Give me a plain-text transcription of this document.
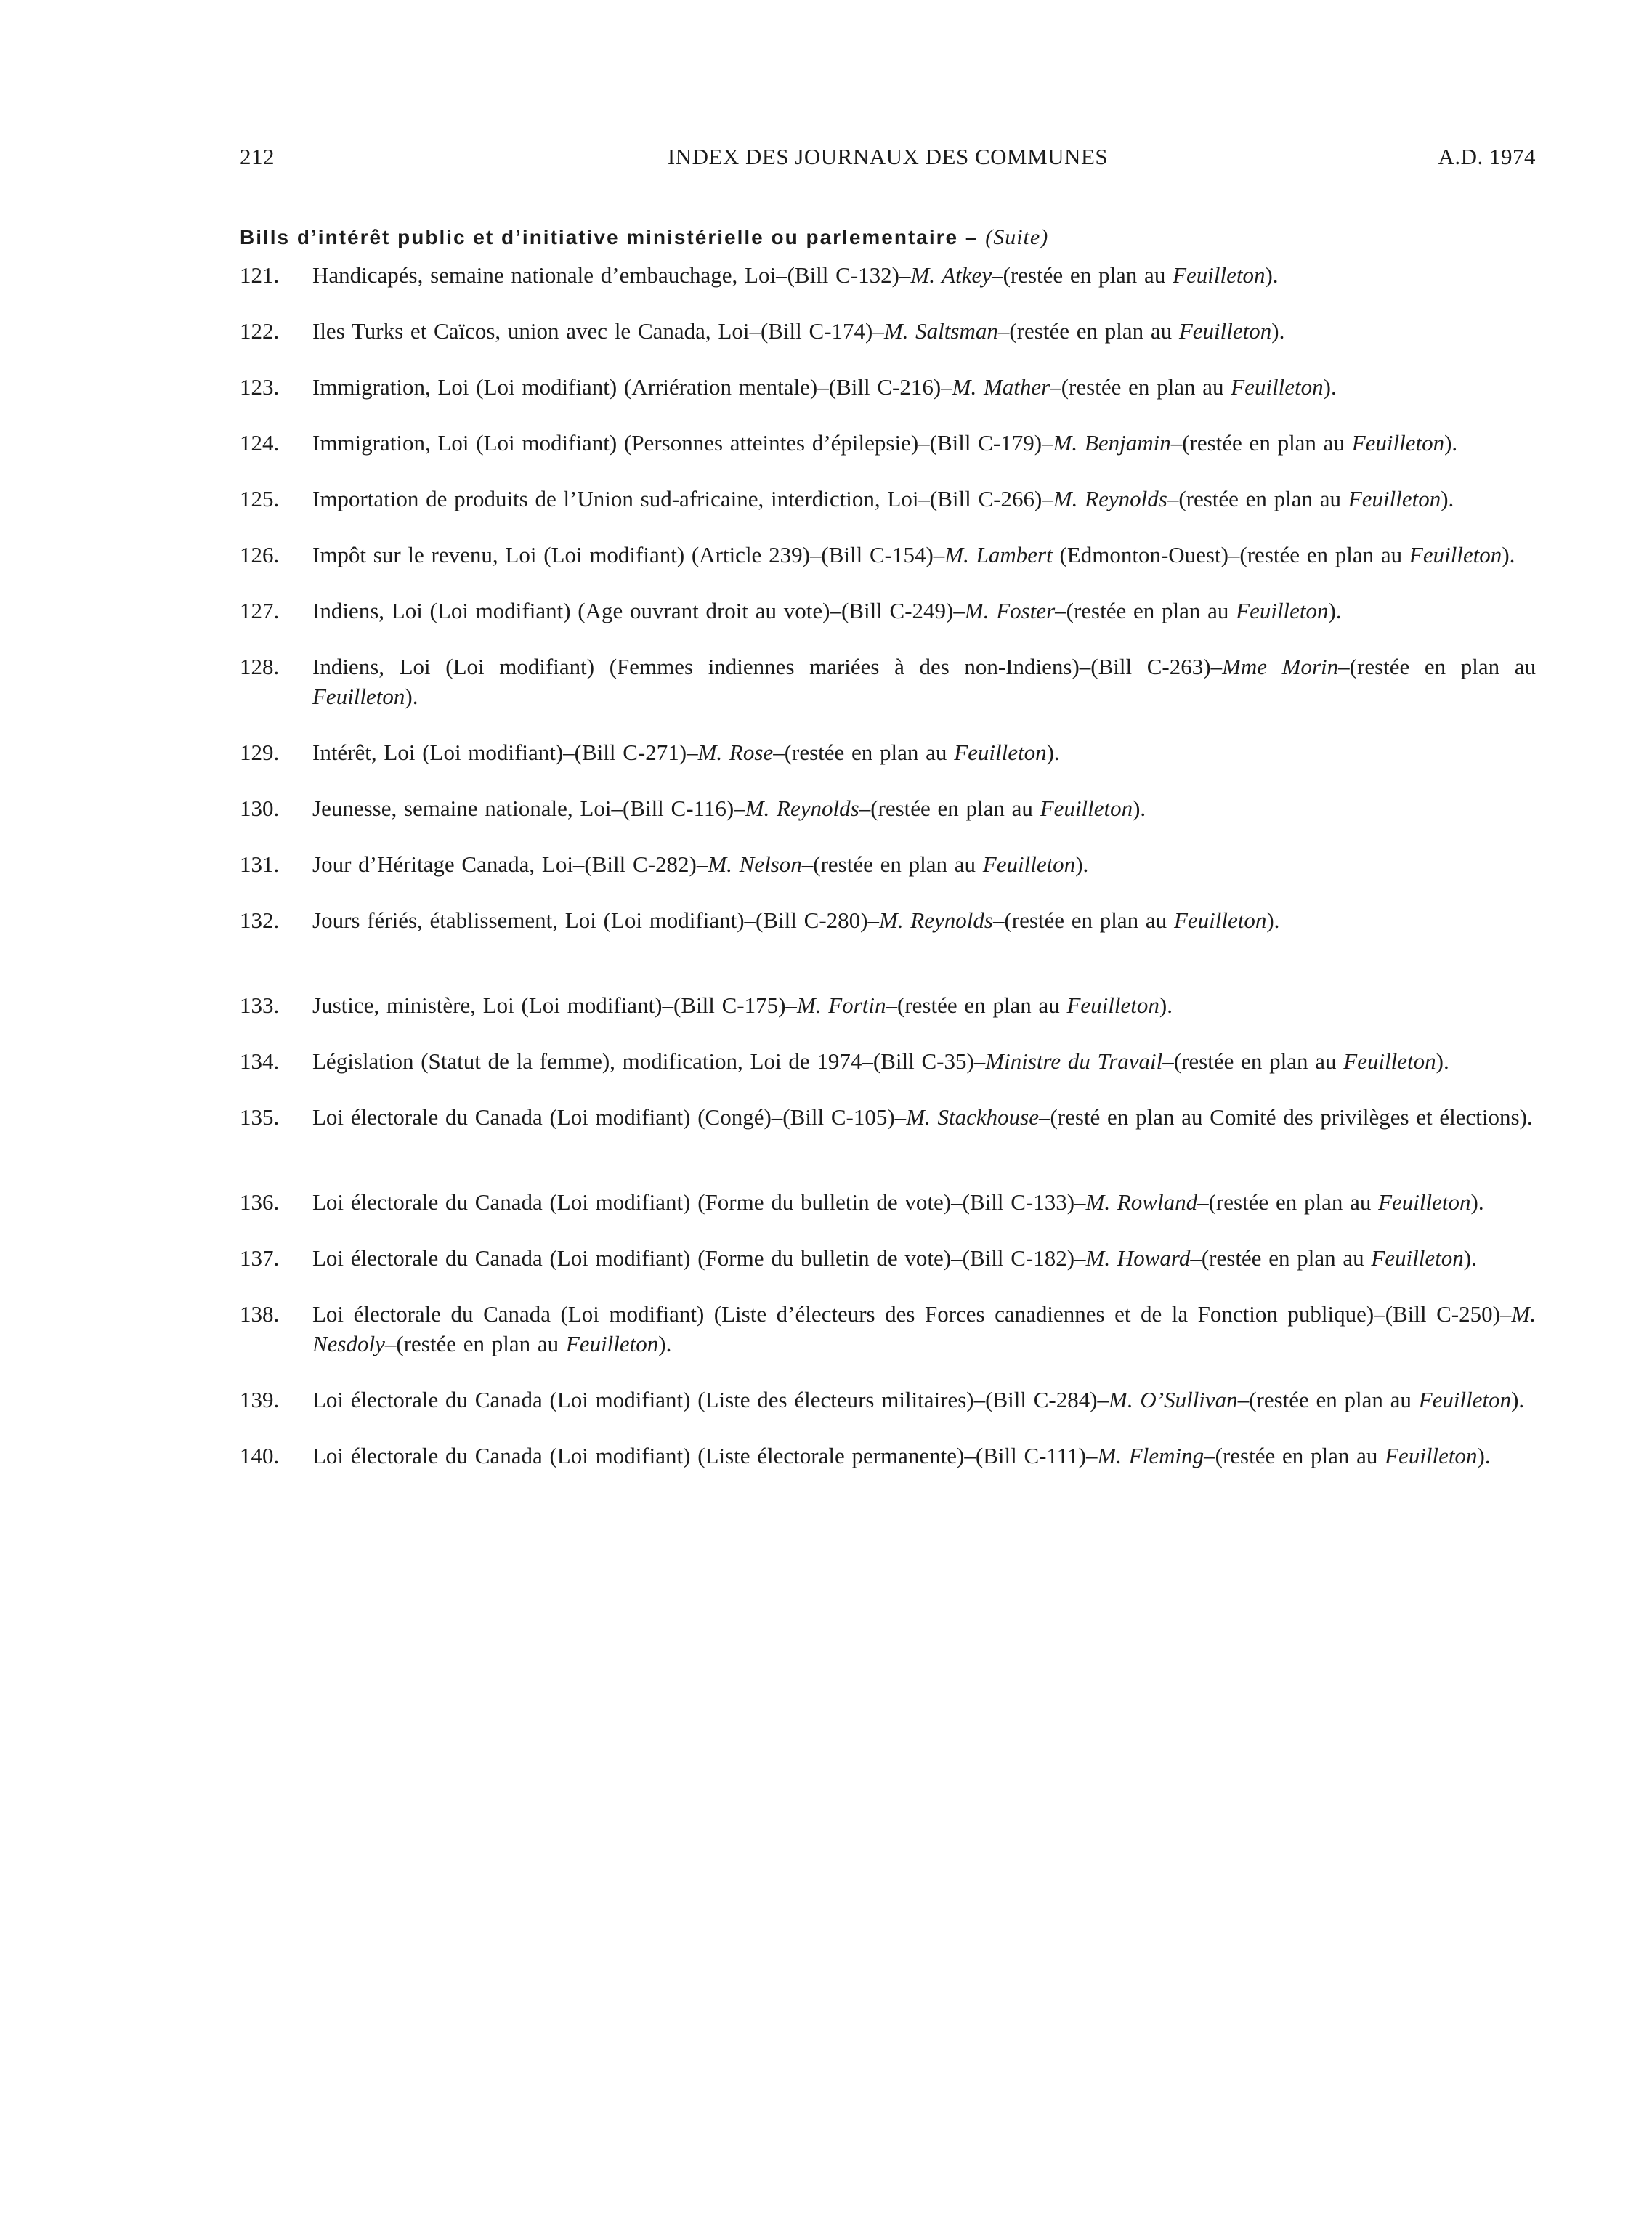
212	INDEX DES JOURNAUX DES COMMUNES	A.D. 1974
Bills d’intérêt public et d’initiative ministérielle ou parlementaire – (Suite)
121.	Handicapés, semaine nationale d’embauchage, Loi–(Bill C-132)–M. Atkey–(restée en plan au Feuilleton).
122.	Iles Turks et Caïcos, union avec le Canada, Loi–(Bill C-174)–M. Saltsman–(restée en plan au Feuilleton).
123.	Immigration, Loi (Loi modifiant) (Arriération mentale)–(Bill C-216)–M. Mather–(restée en plan au Feuilleton).
124.	Immigration, Loi (Loi modifiant) (Personnes atteintes d’épilepsie)–(Bill C-179)–M. Benjamin–(restée en plan au Feuilleton).
125.	Importation de produits de l’Union sud-africaine, interdiction, Loi–(Bill C-266)–M. Reynolds–(restée en plan au Feuilleton).
126.	Impôt sur le revenu, Loi (Loi modifiant) (Article 239)–(Bill C-154)–M. Lambert (Edmonton-Ouest)–(restée en plan au Feuilleton).
127.	Indiens, Loi (Loi modifiant) (Age ouvrant droit au vote)–(Bill C-249)–M. Foster–(restée en plan au Feuilleton).
128.	Indiens, Loi (Loi modifiant) (Femmes indiennes mariées à des non-Indiens)–(Bill C-263)–Mme Morin–(restée en plan au Feuilleton).
129.	Intérêt, Loi (Loi modifiant)–(Bill C-271)–M. Rose–(restée en plan au Feuilleton).
130.	Jeunesse, semaine nationale, Loi–(Bill C-116)–M. Reynolds–(restée en plan au Feuilleton).
131.	Jour d’Héritage Canada, Loi–(Bill C-282)–M. Nelson–(restée en plan au Feuilleton).
132.	Jours fériés, établissement, Loi (Loi modifiant)–(Bill C-280)–M. Reynolds–(restée en plan au Feuilleton).
133.	Justice, ministère, Loi (Loi modifiant)–(Bill C-175)–M. Fortin–(restée en plan au Feuilleton).
134.	Législation (Statut de la femme), modification, Loi de 1974–(Bill C-35)–Ministre du Travail–(restée en plan au Feuilleton).
135.	Loi électorale du Canada (Loi modifiant) (Congé)–(Bill C-105)–M. Stackhouse–(resté en plan au Comité des privilèges et élections).
136.	Loi électorale du Canada (Loi modifiant) (Forme du bulletin de vote)–(Bill C-133)–M. Rowland–(restée en plan au Feuilleton).
137.	Loi électorale du Canada (Loi modifiant) (Forme du bulletin de vote)–(Bill C-182)–M. Howard–(restée en plan au Feuilleton).
138.	Loi électorale du Canada (Loi modifiant) (Liste d’électeurs des Forces canadiennes et de la Fonction publique)–(Bill C-250)–M. Nesdoly–(restée en plan au Feuilleton).
139.	Loi électorale du Canada (Loi modifiant) (Liste des électeurs militaires)–(Bill C-284)–M. O’Sullivan–(restée en plan au Feuilleton).
140.	Loi électorale du Canada (Loi modifiant) (Liste électorale permanente)–(Bill C-111)–M. Fleming–(restée en plan au Feuilleton).
